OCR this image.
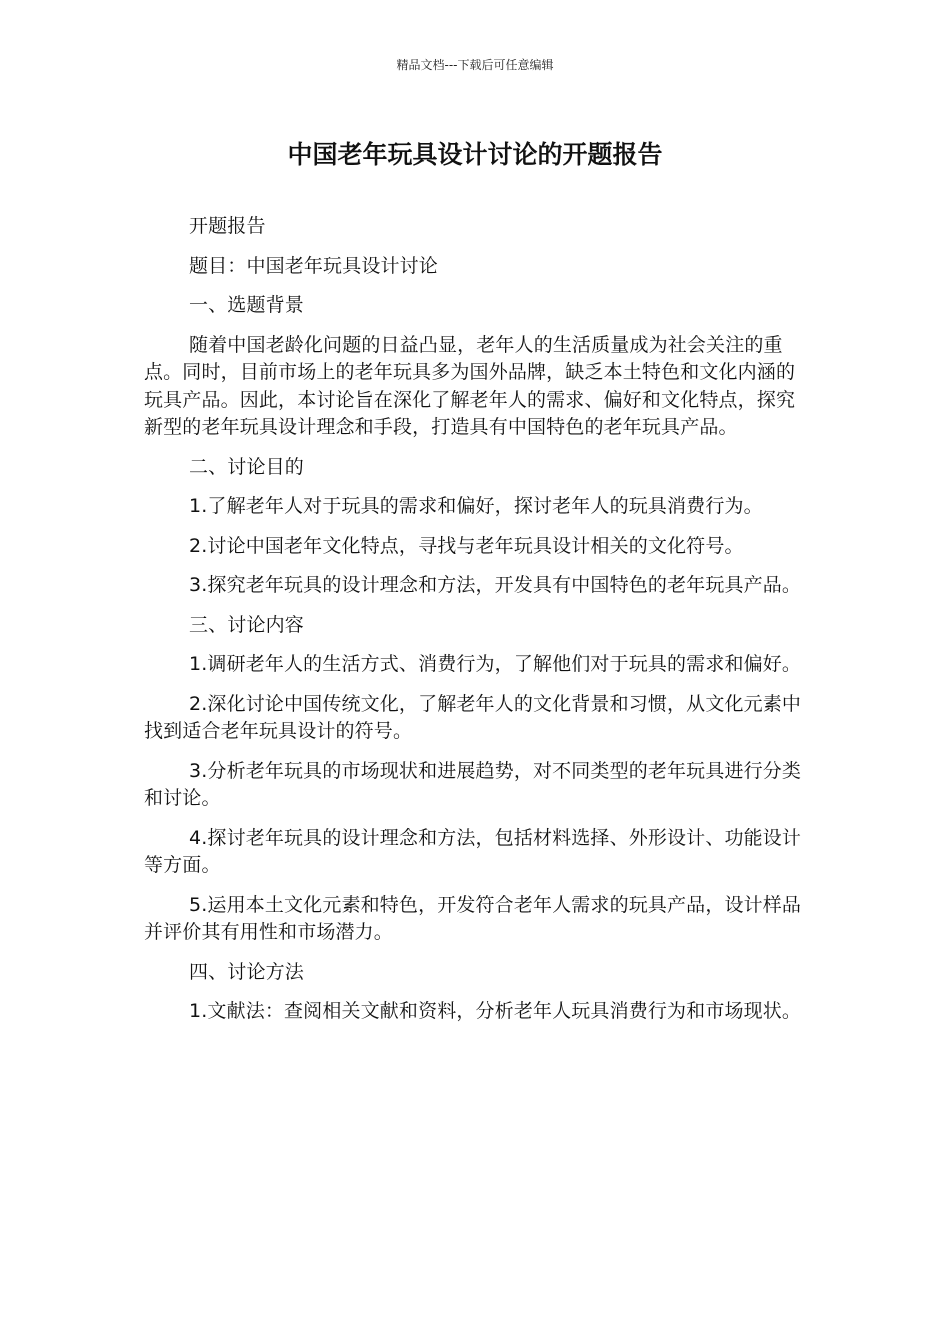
精品文档---下载后可任意编辑
中国老年玩具设计讨论的开题报告

开题报告

题目：中国老年玩具设计讨论

一、选题背景

随着中国老龄化问题的日益凸显，老年人的生活质量成为社会关注的重点。同时，目前市场上的老年玩具多为国外品牌，缺乏本土特色和文化内涵的玩具产品。因此，本讨论旨在深化了解老年人的需求、偏好和文化特点，探究新型的老年玩具设计理念和手段，打造具有中国特色的老年玩具产品。

二、讨论目的

1.了解老年人对于玩具的需求和偏好，探讨老年人的玩具消费行为。

2.讨论中国老年文化特点，寻找与老年玩具设计相关的文化符号。

3.探究老年玩具的设计理念和方法，开发具有中国特色的老年玩具产品。

三、讨论内容

1.调研老年人的生活方式、消费行为，了解他们对于玩具的需求和偏好。

2.深化讨论中国传统文化，了解老年人的文化背景和习惯，从文化元素中找到适合老年玩具设计的符号。

3.分析老年玩具的市场现状和进展趋势，对不同类型的老年玩具进行分类和讨论。

4.探讨老年玩具的设计理念和方法，包括材料选择、外形设计、功能设计等方面。

5.运用本土文化元素和特色，开发符合老年人需求的玩具产品，设计样品并评价其有用性和市场潜力。

四、讨论方法

1.文献法：查阅相关文献和资料，分析老年人玩具消费行为和市场现状。
